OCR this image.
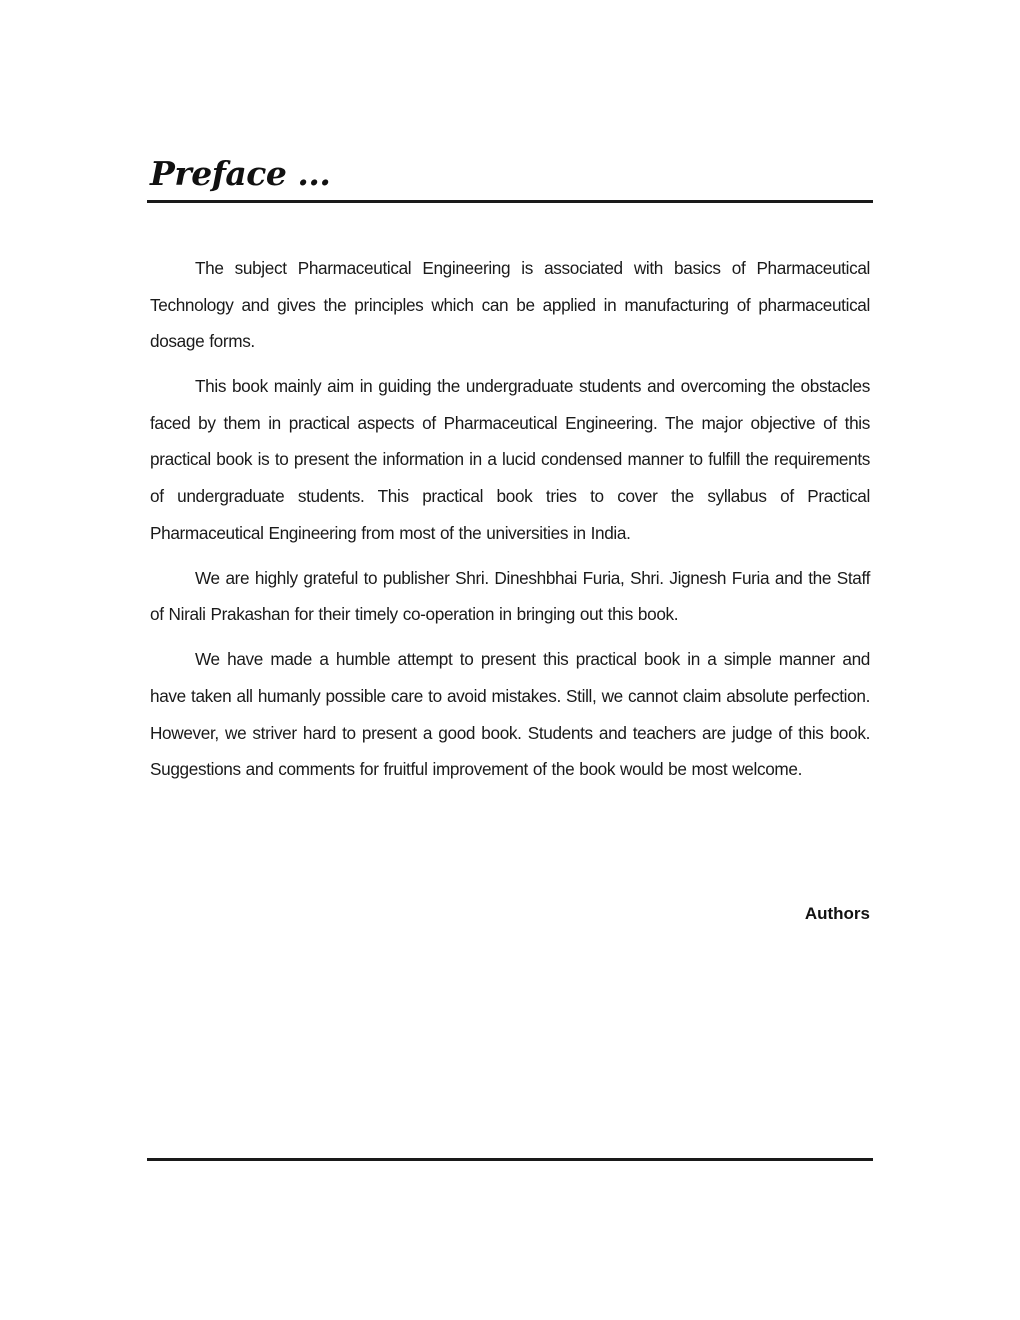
Preface ...

The subject Pharmaceutical Engineering is associated with basics of Pharmaceutical Technology and gives the principles which can be applied in manufacturing of pharmaceutical dosage forms.

This book mainly aim in guiding the undergraduate students and overcoming the obstacles faced by them in practical aspects of Pharmaceutical Engineering. The major objective of this practical book is to present the information in a lucid condensed manner to fulfill the requirements of undergraduate students. This practical book tries to cover the syllabus of Practical Pharmaceutical Engineering from most of the universities in India.

We are highly grateful to publisher Shri. Dineshbhai Furia, Shri. Jignesh Furia and the Staff of Nirali Prakashan for their timely co-operation in bringing out this book.

We have made a humble attempt to present this practical book in a simple manner and have taken all humanly possible care to avoid mistakes. Still, we cannot claim absolute perfection. However, we striver hard to present a good book. Students and teachers are judge of this book. Suggestions and comments for fruitful improvement of the book would be most welcome.

Authors
